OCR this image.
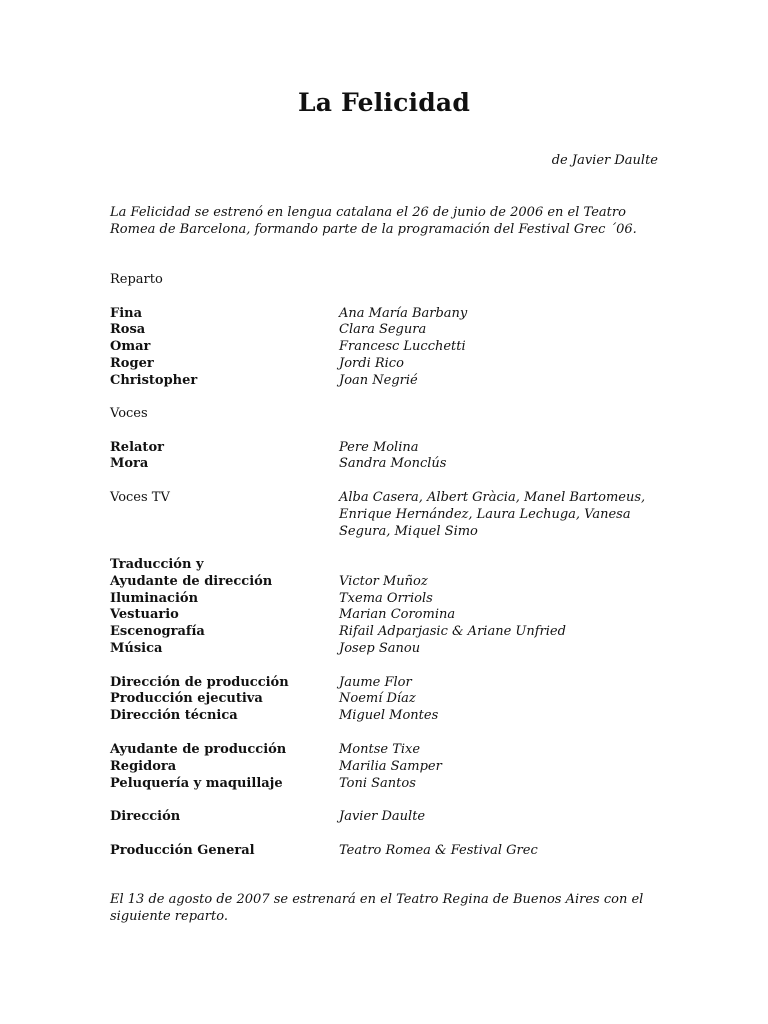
La Felicidad
de Javier Daulte
La Felicidad se estrenó en lengua catalana el 26 de junio de 2006 en el Teatro Romea de Barcelona, formando parte de la programación del Festival Grec ´06.
Reparto
Fina	Ana María Barbany
Rosa	Clara Segura
Omar	Francesc Lucchetti
Roger	Jordi Rico
Christopher	Joan Negrié
Voces
Relator	Pere Molina
Mora	Sandra Monclús
Voces TV	Alba Casera, Albert Gràcia, Manel Bartomeus, Enrique Hernández, Laura Lechuga, Vanesa Segura, Miquel Simo
Traducción y
Ayudante de dirección	Victor Muñoz
Iluminación	Txema Orriols
Vestuario	Marian Coromina
Escenografía	Rifail Adparjasic & Ariane Unfried
Música	Josep Sanou
Dirección de producción	Jaume Flor
Producción ejecutiva	Noemí Díaz
Dirección técnica	Miguel Montes
Ayudante de producción	Montse Tixe
Regidora	Marilia Samper
Peluquería y maquillaje	Toni Santos
Dirección	Javier Daulte
Producción General	Teatro Romea & Festival Grec
El 13 de agosto de 2007 se estrenará en el Teatro Regina de Buenos Aires con el siguiente reparto.
